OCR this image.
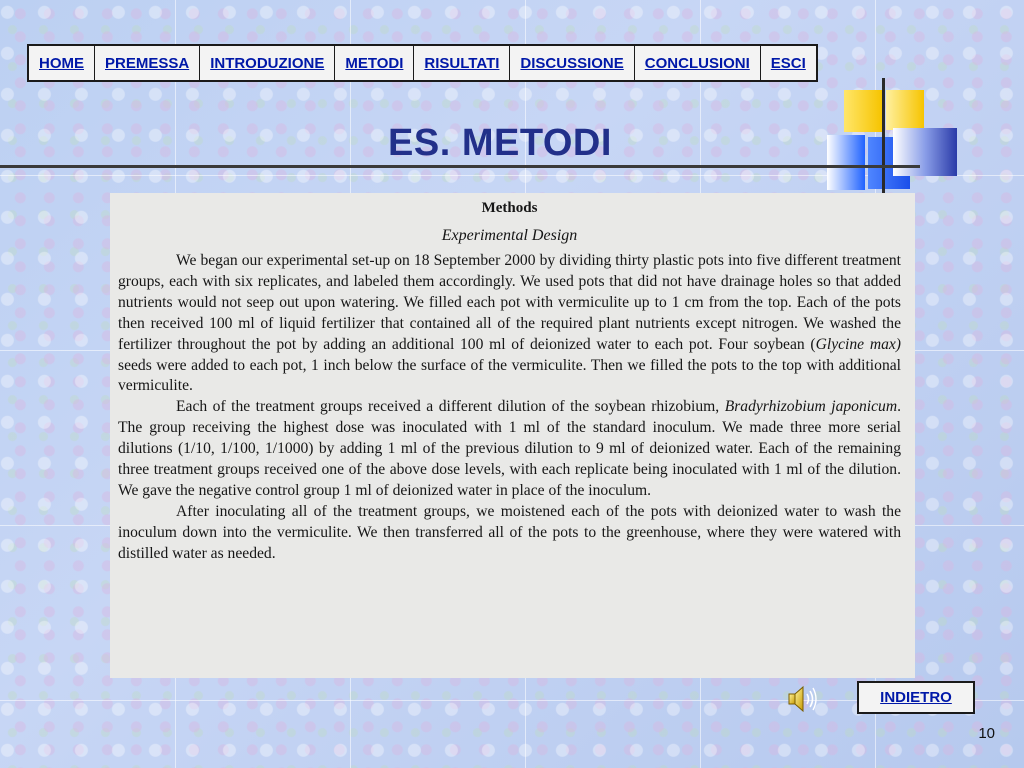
HOME	PREMESSA	INTRODUZIONE	METODI	RISULTATI	DISCUSSIONE	CONCLUSIONI	ESCI
ES. METODI

Methods

Experimental Design

We began our experimental set-up on 18 September 2000 by dividing thirty plastic pots into five different treatment groups, each with six replicates, and labeled them accordingly. We used pots that did not have drainage holes so that added nutrients would not seep out upon watering. We filled each pot with vermiculite up to 1 cm from the top. Each of the pots then received 100 ml of liquid fertilizer that contained all of the required plant nutrients except nitrogen. We washed the fertilizer throughout the pot by adding an additional 100 ml of deionized water to each pot. Four soybean (Glycine max) seeds were added to each pot, 1 inch below the surface of the vermiculite. Then we filled the pots to the top with additional vermiculite.

Each of the treatment groups received a different dilution of the soybean rhizobium, Bradyrhizobium japonicum. The group receiving the highest dose was inoculated with 1 ml of the standard inoculum. We made three more serial dilutions (1/10, 1/100, 1/1000) by adding 1 ml of the previous dilution to 9 ml of deionized water. Each of the remaining three treatment groups received one of the above dose levels, with each replicate being inoculated with 1 ml of the dilution. We gave the negative control group 1 ml of deionized water in place of the inoculum.

After inoculating all of the treatment groups, we moistened each of the pots with deionized water to wash the inoculum down into the vermiculite. We then transferred all of the pots to the greenhouse, where they were watered with distilled water as needed.

INDIETRO
10
